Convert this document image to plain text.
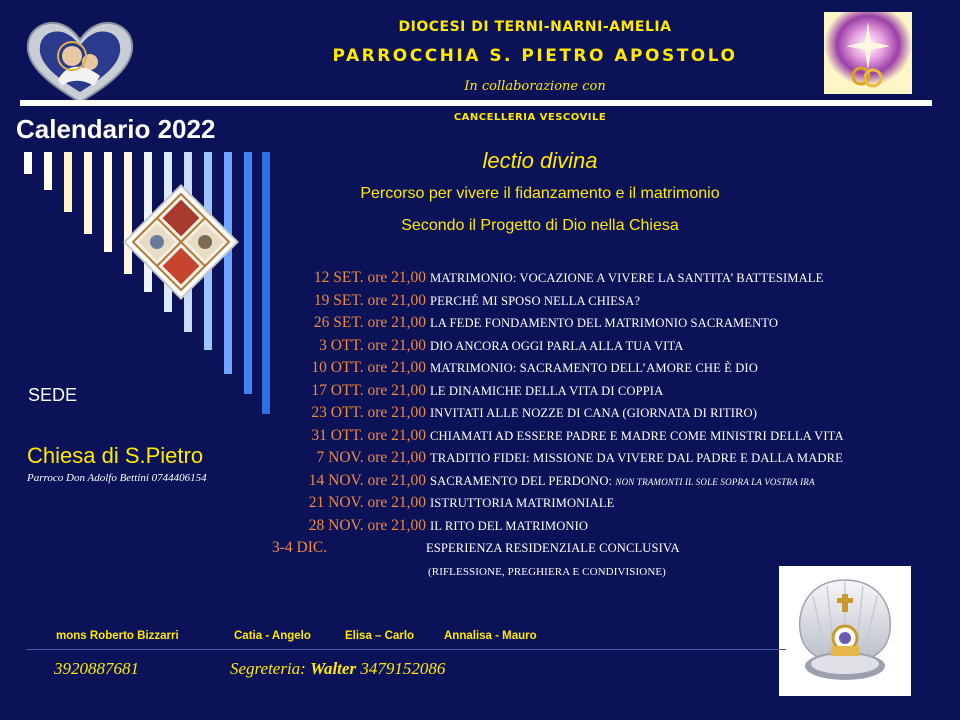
DIOCESI DI TERNI-NARNI-AMELIA
PARROCCHIA S. PIETRO APOSTOLO
In collaborazione con
CANCELLERIA VESCOVILE
Calendario 2022
lectio divina
Percorso per vivere il fidanzamento e il matrimonio
Secondo il Progetto di Dio nella Chiesa
12 SET. ore 21,00 MATRIMONIO: VOCAZIONE A VIVERE LA SANTITA’ BATTESIMALE
19 SET. ore 21,00 PERCHÉ MI SPOSO NELLA CHIESA?
26 SET. ore 21,00 LA FEDE FONDAMENTO DEL MATRIMONIO SACRAMENTO
3 OTT. ore 21,00 DIO ANCORA OGGI PARLA ALLA TUA VITA
10 OTT. ore 21,00 MATRIMONIO: SACRAMENTO DELL’AMORE CHE È DIO
17 OTT. ore 21,00 LE DINAMICHE DELLA VITA DI COPPIA
23 OTT. ore 21,00 INVITATI ALLE NOZZE DI CANA (GIORNATA DI RITIRO)
31 OTT. ore 21,00 CHIAMATI AD ESSERE PADRE E MADRE COME MINISTRI DELLA VITA
7 NOV. ore 21,00 TRADITIO FIDEI: MISSIONE DA VIVERE DAL PADRE E DALLA MADRE
14 NOV. ore 21,00 SACRAMENTO DEL PERDONO: NON TRAMONTI IL SOLE SOPRA LA VOSTRA IRA
21 NOV. ore 21,00 ISTRUTTORIA MATRIMONIALE
28 NOV. ore 21,00 IL RITO DEL MATRIMONIO
3-4 DIC.	ESPERIENZA RESIDENZIALE CONCLUSIVA
(RIFLESSIONE, PREGHIERA E CONDIVISIONE)
SEDE
Chiesa di S.Pietro
Parroco Don Adolfo Bettini 0744406154
mons Roberto Bizzarri	Catia - Angelo	Elisa – Carlo	Annalisa - Mauro
3920887681	Segreteria: Walter 3479152086
